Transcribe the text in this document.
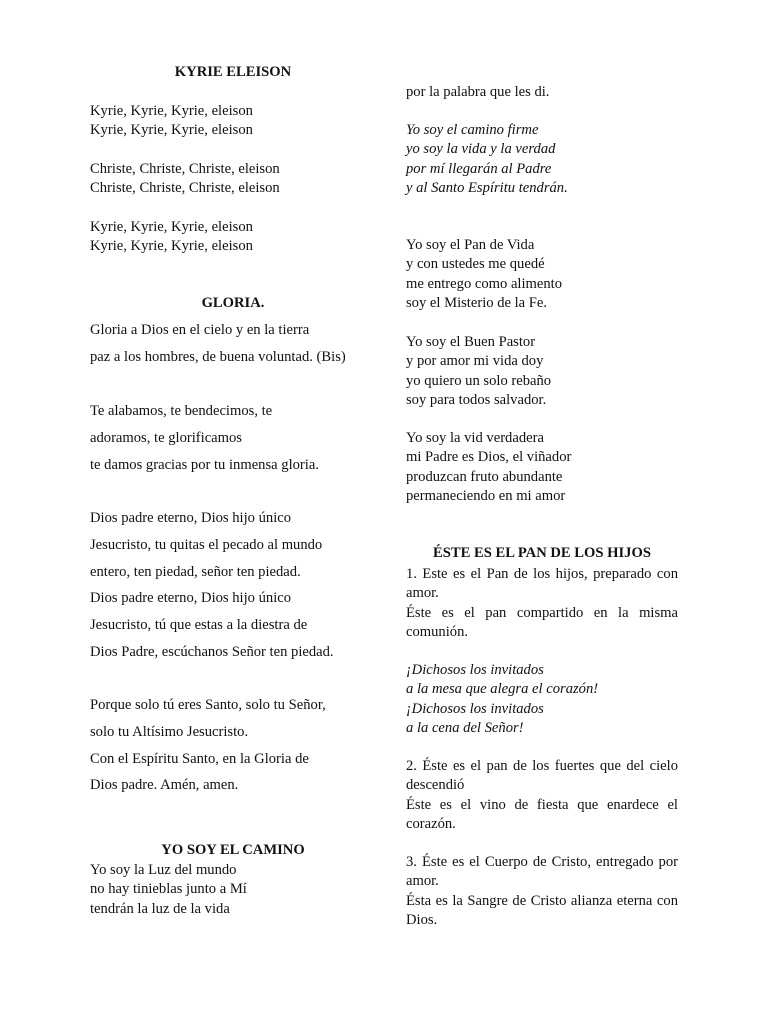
KYRIE ELEISON
Kyrie, Kyrie, Kyrie, eleison
Kyrie, Kyrie, Kyrie, eleison
Christe, Christe, Christe, eleison
Christe, Christe, Christe, eleison
Kyrie, Kyrie, Kyrie, eleison
Kyrie, Kyrie, Kyrie, eleison
GLORIA.
Gloria a Dios en el cielo y en la tierra
paz a los hombres, de buena voluntad. (Bis)
Te alabamos, te bendecimos, te
adoramos, te glorificamos
te damos gracias por tu inmensa gloria.
Dios padre eterno, Dios hijo único
Jesucristo, tu quitas el pecado al mundo
entero, ten piedad, señor ten piedad.
Dios padre eterno, Dios hijo único
Jesucristo, tú que estas a la diestra de
Dios Padre, escúchanos Señor ten piedad.
Porque solo tú eres Santo, solo tu Señor,
solo tu Altísimo Jesucristo.
Con el Espíritu Santo, en la Gloria de
Dios padre. Amén, amen.
YO SOY EL CAMINO
Yo soy la Luz del mundo
no hay tinieblas junto a Mí
tendrán la luz de la vida
por la palabra que les di.
Yo soy el camino firme
yo soy la vida y la verdad
por mí llegarán al Padre
y al Santo Espíritu tendrán.
Yo soy el Pan de Vida
y con ustedes me quedé
me entrego como alimento
soy el Misterio de la Fe.
Yo soy el Buen Pastor
y por amor mi vida doy
yo quiero un solo rebaño
soy para todos salvador.
Yo soy la vid verdadera
mi Padre es Dios, el viñador
produzcan fruto abundante
permaneciendo en mi amor
ÉSTE ES EL PAN DE LOS HIJOS
1. Este es el Pan de los hijos, preparado con amor.
Éste es el pan compartido en la misma comunión.
¡Dichosos los invitados
a la mesa que alegra el corazón!
¡Dichosos los invitados
a la cena del Señor!
2. Éste es el pan de los fuertes que del cielo descendió
Éste es el vino de fiesta que enardece el corazón.
3. Éste es el Cuerpo de Cristo, entregado por amor.
Ésta es la Sangre de Cristo alianza eterna con Dios.
